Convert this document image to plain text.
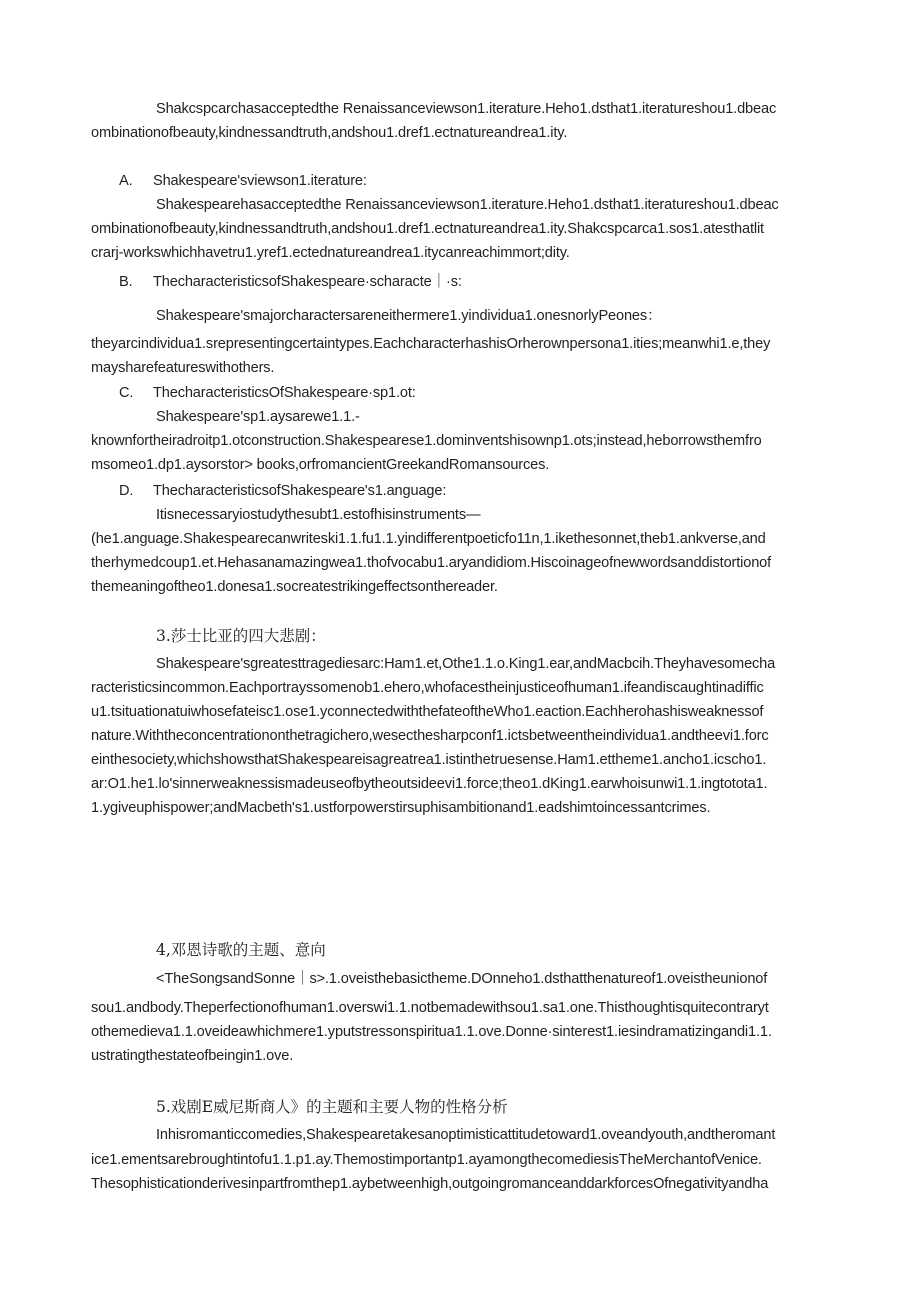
Shakcspcarchasacceptedthe Renaissanceviewson1.iterature.Heho1.dsthat1.iteratureshou1.dbeac
ombinationofbeauty,kindnessandtruth,andshou1.dref1.ectnatureandrea1.ity.
A. Shakespeare'sviewson1.iterature:
Shakespearehasacceptedthe Renaissanceviewson1.iterature.Heho1.dsthat1.iteratureshou1.dbeac
ombinationofbeauty,kindnessandtruth,andshou1.dref1.ectnatureandrea1.ity.Shakcspcarca1.sos1.atesthatlit
crarj-workswhichhavetru1.yref1.ectednatureandrea1.itycanreachimmort;dity.
B. ThecharacteristicsofShakespeare·scharacte｜·s:
Shakespeare'smajorcharactersareneithermere1.yindividua1.onesnorlyPeones：
theyarcindividua1.srepresentingcertaintypes.EachcharacterhashisOrherownpersona1.ities;meanwhi1.e,they
maysharefeatureswithothers.
C. ThecharacteristicsOfShakespeare·sp1.ot:
Shakespeare'sp1.aysarewe1.1.-
knownfortheiradroitp1.otconstruction.Shakespearese1.dominventshisownp1.ots;instead,heborrowsthemfro
msomeo1.dp1.aysorstor> books,orfromancientGreekandRomansources.
D. ThecharacteristicsofShakespeare's1.anguage:
Itisnecessaryiostudythesubt1.estofhisinstruments—
(he1.anguage.Shakespearecanwriteski1.1.fu1.1.yindifferentpoeticfo11n,1.ikethesonnet,theb1.ankverse,and
therhymedcoup1.et.Hehasanamazingwea1.thofvocabu1.aryandidiom.Hiscoinageofnewwordsanddistortionof
themeaningoftheo1.donesa1.socreatestrikingeffectsonthereader.
3.莎士比亚的四大悲剧：
Shakespeare'sgreatesttragediesarc:Ham1.et,Othe1.1.o.King1.ear,andMacbcih.Theyhavesomecha
racteristicsincommon.Eachportrayssomenob1.ehero,whofacestheinjusticeofhuman1.ifeandiscaughtinadiffic
u1.tsituationatuiwhosefateisc1.ose1.yconnectedwiththefateoftheWho1.eaction.Eachherohashisweaknessof
nature.Withtheconcentrationonthetragichero,wesecthesharpconf1.ictsbetweentheindividua1.andtheevi1.forc
einthesociety,whichshowsthatShakespeareisagreatrea1.istinthetruesense.Ham1.ettheme1.ancho1.icscho1.
ar:O1.he1.lo'sinnerweaknessismadeuseofbytheoutsideevi1.force;theo1.dKing1.earwhoisunwi1.1.ingtotota1.
1.ygiveuphispower;andMacbeth's1.ustforpowerstirsuphisambitionand1.eadshimtoincessantcrimes.
4,邓恩诗歌的主题、意向
<TheSongsandSonne｜s>.1.oveisthebasictheme.DOnneho1.dsthatthenatureof1.oveistheunionof
sou1.andbody.Theperfectionofhuman1.overswi1.1.notbemadewithsou1.sa1.one.Thisthoughtisquitecontraryt
othemedieva1.1.oveideawhichmere1.yputstressonspiritua1.1.ove.Donne·sinterest1.iesindramatizingandi1.1.
ustratingthestateofbeingin1.ove.
5.戏剧E威尼斯商人》的主题和主要人物的性格分析
Inhisromanticcomedies,Shakespearetakesanoptimisticattitudetoward1.oveandyouth,andtheromant
ice1.ementsarebroughtintofu1.1.p1.ay.Themostimportantp1.ayamongthecomediesisTheMerchantofVenice.
Thesophisticationderivesinpartfromthep1.aybetweenhigh,outgoingromanceanddarkforcesOfnegativityandha
